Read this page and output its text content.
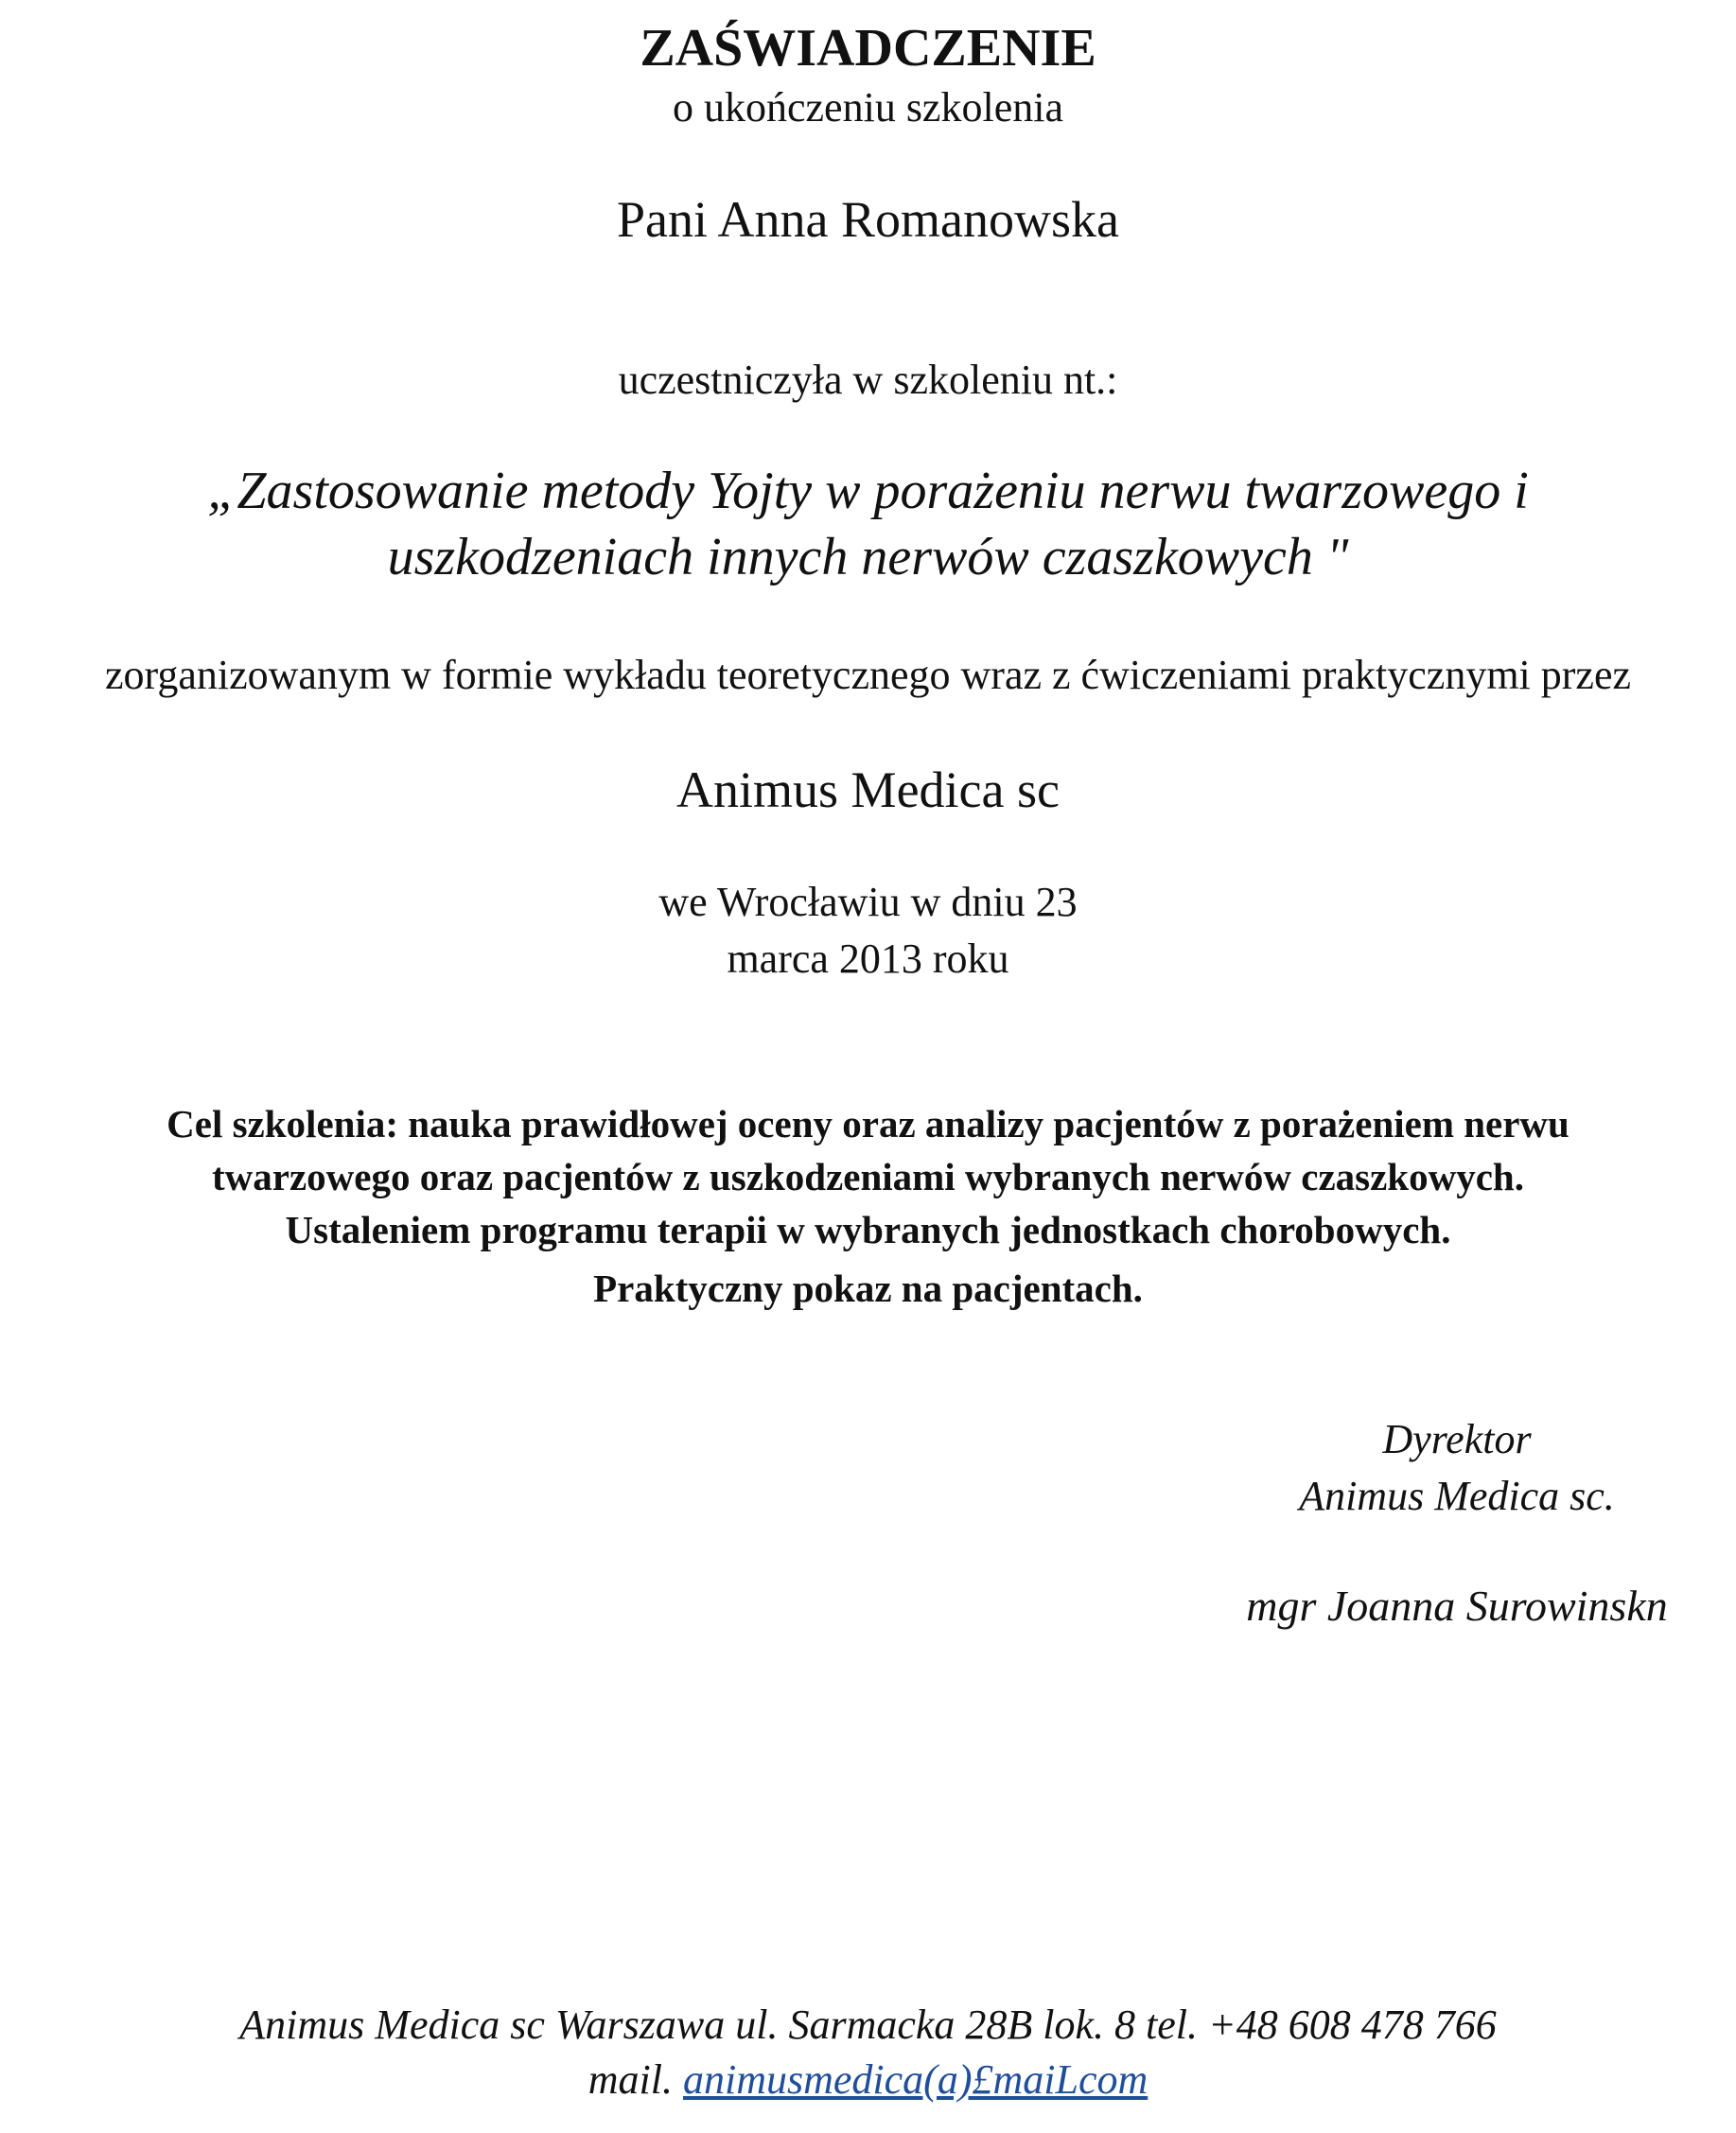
ZAŚWIADCZENIE
o ukończeniu szkolenia
Pani Anna Romanowska
uczestniczyła w szkoleniu nt.:
„Zastosowanie metody Yojty w porażeniu nerwu twarzowego i
uszkodzeniach innych nerwów czaszkowych "
zorganizowanym w formie wykładu teoretycznego wraz z ćwiczeniami praktycznymi przez
Animus Medica sc
we Wrocławiu w dniu 23
marca 2013 roku
Cel szkolenia: nauka prawidłowej oceny oraz analizy pacjentów z porażeniem nerwu
twarzowego oraz pacjentów z uszkodzeniami wybranych nerwów czaszkowych.
Ustaleniem programu terapii w wybranych jednostkach chorobowych.
Praktyczny pokaz na pacjentach.
Dyrektor
Animus Medica sc.
mgr Joanna Surowinskn
Animus Medica sc Warszawa ul. Sarmacka 28B lok. 8 tel. +48 608 478 766
mail. animusmedica(a)£maiLcom
